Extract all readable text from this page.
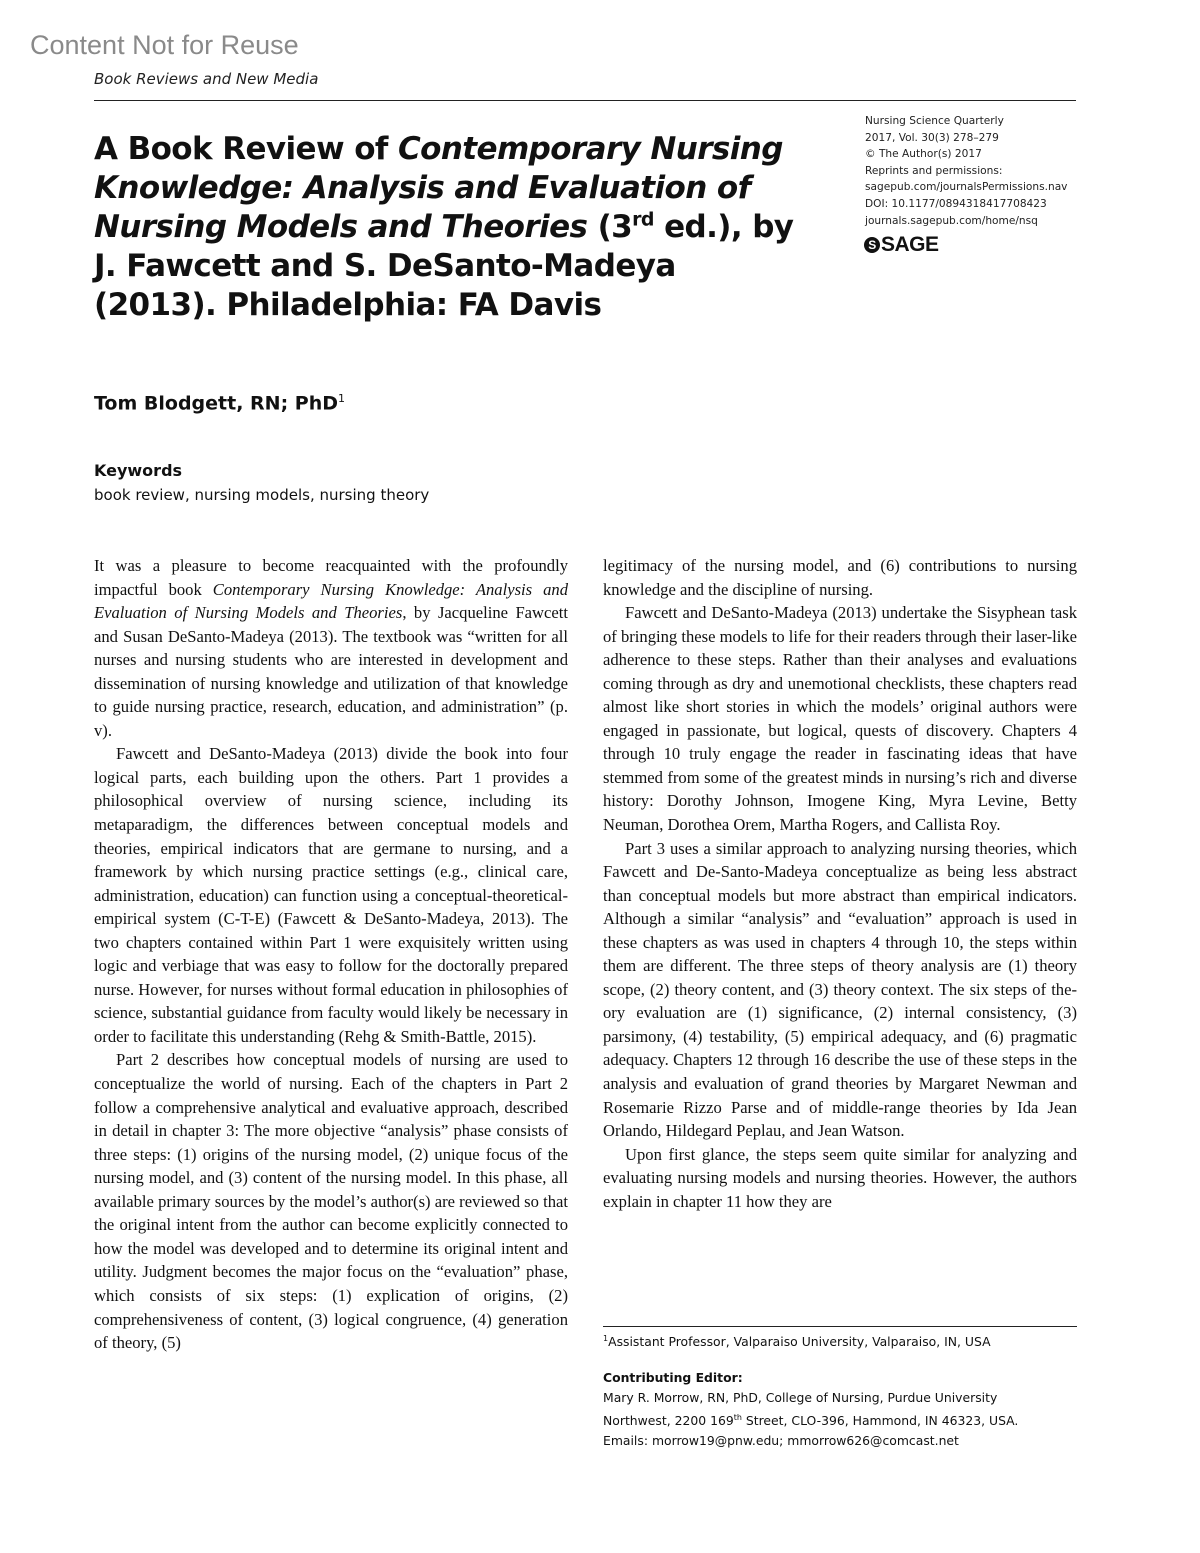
Content Not for Reuse
Book Reviews and New Media
A Book Review of Contemporary Nursing Knowledge: Analysis and Evaluation of Nursing Models and Theories (3rd ed.), by J. Fawcett and S. DeSanto-Madeya (2013). Philadelphia: FA Davis
Nursing Science Quarterly
2017, Vol. 30(3) 278–279
© The Author(s) 2017
Reprints and permissions:
sagepub.com/journalsPermissions.nav
DOI: 10.1177/0894318417708423
journals.sagepub.com/home/nsq
S SAGE
Tom Blodgett, RN; PhD$^1$
Keywords
book review, nursing models, nursing theory

It was a pleasure to become reacquainted with the profoundly impactful book Contemporary Nursing Knowledge: Analysis and Evaluation of Nursing Models and Theories, by Jacqueline Fawcett and Susan DeSanto-Madeya (2013). The textbook was “written for all nurses and nursing students who are interested in development and dissemination of nursing knowledge and utilization of that knowledge to guide nursing practice, research, education, and administration” (p. v).

Fawcett and DeSanto-Madeya (2013) divide the book into four logical parts, each building upon the others. Part 1 provides a philosophical overview of nursing science, including its metaparadigm, the differences between conceptual models and theories, empirical indicators that are germane to nursing, and a framework by which nursing practice settings (e.g., clinical care, administration, education) can function using a conceptual-theoretical-empirical system (C-T-E) (Fawcett & DeSanto-Madeya, 2013). The two chapters contained within Part 1 were exquisitely written using logic and verbiage that was easy to follow for the doctorally prepared nurse. However, for nurses without formal education in philosophies of science, substantial guidance from faculty would likely be necessary in order to facilitate this understanding (Rehg & Smith-Battle, 2015).

Part 2 describes how conceptual models of nursing are used to conceptualize the world of nursing. Each of the chapters in Part 2 follow a comprehensive analytical and evaluative approach, described in detail in chapter 3: The more objective “analysis” phase consists of three steps: (1) origins of the nursing model, (2) unique focus of the nursing model, and (3) content of the nursing model. In this phase, all available primary sources by the model’s author(s) are reviewed so that the original intent from the author can become explicitly connected to how the model was developed and to determine its original intent and utility. Judgment becomes the major focus on the “evaluation” phase, which consists of six steps: (1) explication of origins, (2) comprehensiveness of content, (3) logical congruence, (4) generation of theory, (5)

legitimacy of the nursing model, and (6) contributions to nursing knowledge and the discipline of nursing.

Fawcett and DeSanto-Madeya (2013) undertake the Sisyphean task of bringing these models to life for their readers through their laser-like adherence to these steps. Rather than their analyses and evaluations coming through as dry and unemotional checklists, these chapters read almost like short stories in which the models’ original authors were engaged in passionate, but logical, quests of discovery. Chapters 4 through 10 truly engage the reader in fascinating ideas that have stemmed from some of the greatest minds in nursing’s rich and diverse history: Dorothy Johnson, Imogene King, Myra Levine, Betty Neuman, Dorothea Orem, Martha Rogers, and Callista Roy.

Part 3 uses a similar approach to analyzing nursing theories, which Fawcett and De-Santo-Madeya conceptualize as being less abstract than conceptual models but more abstract than empirical indicators. Although a similar “analysis” and “evaluation” approach is used in these chapters as was used in chapters 4 through 10, the steps within them are different. The three steps of theory analysis are (1) theory scope, (2) theory content, and (3) theory context. The six steps of theory evaluation are (1) significance, (2) internal consistency, (3) parsimony, (4) testability, (5) empirical adequacy, and (6) pragmatic adequacy. Chapters 12 through 16 describe the use of these steps in the analysis and evaluation of grand theories by Margaret Newman and Rosemarie Rizzo Parse and of middle-range theories by Ida Jean Orlando, Hildegard Peplau, and Jean Watson.

Upon first glance, the steps seem quite similar for analyzing and evaluating nursing models and nursing theories. However, the authors explain in chapter 11 how they are

$^1$Assistant Professor, Valparaiso University, Valparaiso, IN, USA
Contributing Editor:
Mary R. Morrow, RN, PhD, College of Nursing, Purdue University
Northwest, 2200 169th Street, CLO-396, Hammond, IN 46323, USA.
Emails: morrow19@pnw.edu; mmorrow626@comcast.net
